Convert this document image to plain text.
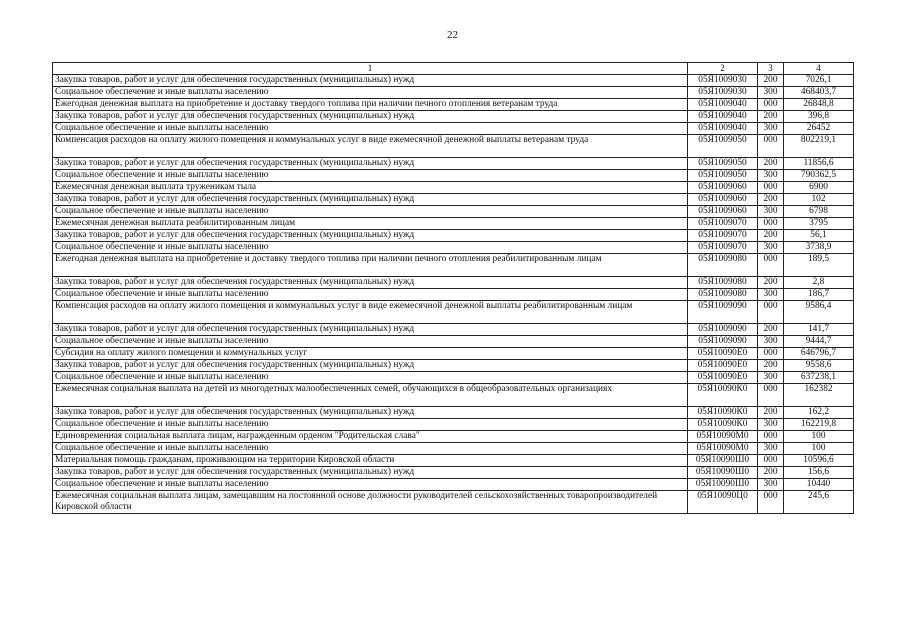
22
1	2	3	4
Закупка товаров, работ и услуг для обеспечения государственных (муниципальных) нужд	05Я1009030	200	7026,1
Социальное обеспечение и иные выплаты населению	05Я1009030	300	468403,7
Ежегодная денежная выплата на приобретение и доставку твердого топлива при наличии печного отопления ветеранам труда	05Я1009040	000	26848,8
Закупка товаров, работ и услуг для обеспечения государственных (муниципальных) нужд	05Я1009040	200	396,8
Социальное обеспечение и иные выплаты населению	05Я1009040	300	26452
Компенсация расходов на оплату жилого помещения и коммунальных услуг в виде ежемесячной денежной выплаты ветеранам труда	05Я1009050	000	802219,1
Закупка товаров, работ и услуг для обеспечения государственных (муниципальных) нужд	05Я1009050	200	11856,6
Социальное обеспечение и иные выплаты населению	05Я1009050	300	790362,5
Ежемесячная денежная выплата труженикам тыла	05Я1009060	000	6900
Закупка товаров, работ и услуг для обеспечения государственных (муниципальных) нужд	05Я1009060	200	102
Социальное обеспечение и иные выплаты населению	05Я1009060	300	6798
Ежемесячная денежная выплата реабилитированным лицам	05Я1009070	000	3795
Закупка товаров, работ и услуг для обеспечения государственных (муниципальных) нужд	05Я1009070	200	56,1
Социальное обеспечение и иные выплаты населению	05Я1009070	300	3738,9
Ежегодная денежная выплата на приобретение и доставку твердого топлива при наличии печного отопления реабилитированным лицам	05Я1009080	000	189,5
Закупка товаров, работ и услуг для обеспечения государственных (муниципальных) нужд	05Я1009080	200	2,8
Социальное обеспечение и иные выплаты населению	05Я1009080	300	186,7
Компенсация расходов на оплату жилого помещения и коммунальных услуг в виде ежемесячной денежной выплаты реабилитированным лицам	05Я1009090	000	9586,4
Закупка товаров, работ и услуг для обеспечения государственных (муниципальных) нужд	05Я1009090	200	141,7
Социальное обеспечение и иные выплаты населению	05Я1009090	300	9444,7
Субсидия на оплату жилого помещения и коммунальных услуг	05Я10090Е0	000	646796,7
Закупка товаров, работ и услуг для обеспечения государственных (муниципальных) нужд	05Я10090Е0	200	9558,6
Социальное обеспечение и иные выплаты населению	05Я10090Е0	300	637238,1
Ежемесячная социальная выплата на детей из многодетных малообеспеченных семей, обучающихся в общеобразовательных организациях	05Я10090К0	000	162382
Закупка товаров, работ и услуг для обеспечения государственных (муниципальных) нужд	05Я10090К0	200	162,2
Социальное обеспечение и иные выплаты населению	05Я10090К0	300	162219,8
Единовременная социальная выплата лицам, награжденным орденом "Родительская слава"	05Я10090М0	000	100
Социальное обеспечение и иные выплаты населению	05Я10090М0	300	100
Материальная помощь гражданам, проживающим на территории Кировской области	05Я10090Ш0	000	10596,6
Закупка товаров, работ и услуг для обеспечения государственных (муниципальных) нужд	05Я10090Ш0	200	156,6
Социальное обеспечение и иные выплаты населению	05Я10090Ш0	300	10440
Ежемесячная социальная выплата лицам, замещавшим на постоянной основе должности руководителей сельскохозяйственных товаропроизводителей Кировской области	05Я10090Ц0	000	245,6
